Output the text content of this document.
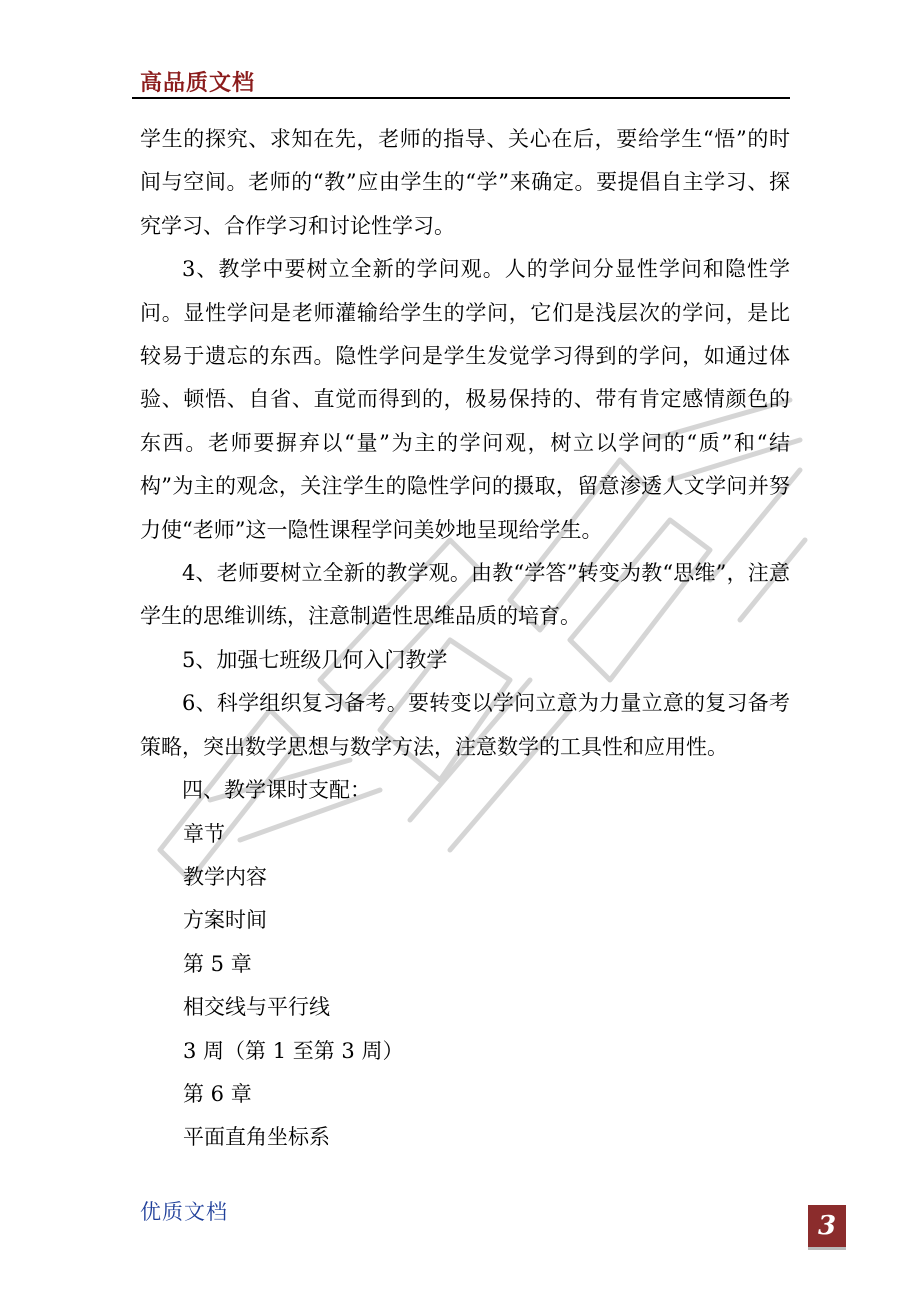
高品质文档

学生的探究、求知在先，老师的指导、关心在后，要给学生“悟”的时间与空间。老师的“教”应由学生的“学”来确定。要提倡自主学习、探究学习、合作学习和讨论性学习。

3、教学中要树立全新的学问观。人的学问分显性学问和隐性学问。显性学问是老师灌输给学生的学问，它们是浅层次的学问，是比较易于遗忘的东西。隐性学问是学生发觉学习得到的学问，如通过体验、顿悟、自省、直觉而得到的，极易保持的、带有肯定感情颜色的东西。老师要摒弃以“量”为主的学问观，树立以学问的“质”和“结构”为主的观念，关注学生的隐性学问的摄取，留意渗透人文学问并努力使“老师”这一隐性课程学问美妙地呈现给学生。

4、老师要树立全新的教学观。由教“学答”转变为教“思维”，注意学生的思维训练，注意制造性思维品质的培育。

5、加强七班级几何入门教学

6、科学组织复习备考。要转变以学问立意为力量立意的复习备考策略，突出数学思想与数学方法，注意数学的工具性和应用性。

四、教学课时支配：

章节

教学内容

方案时间

第 5 章

相交线与平行线

3 周（第 1 至第 3 周）

第 6 章

平面直角坐标系

优质文档	3
